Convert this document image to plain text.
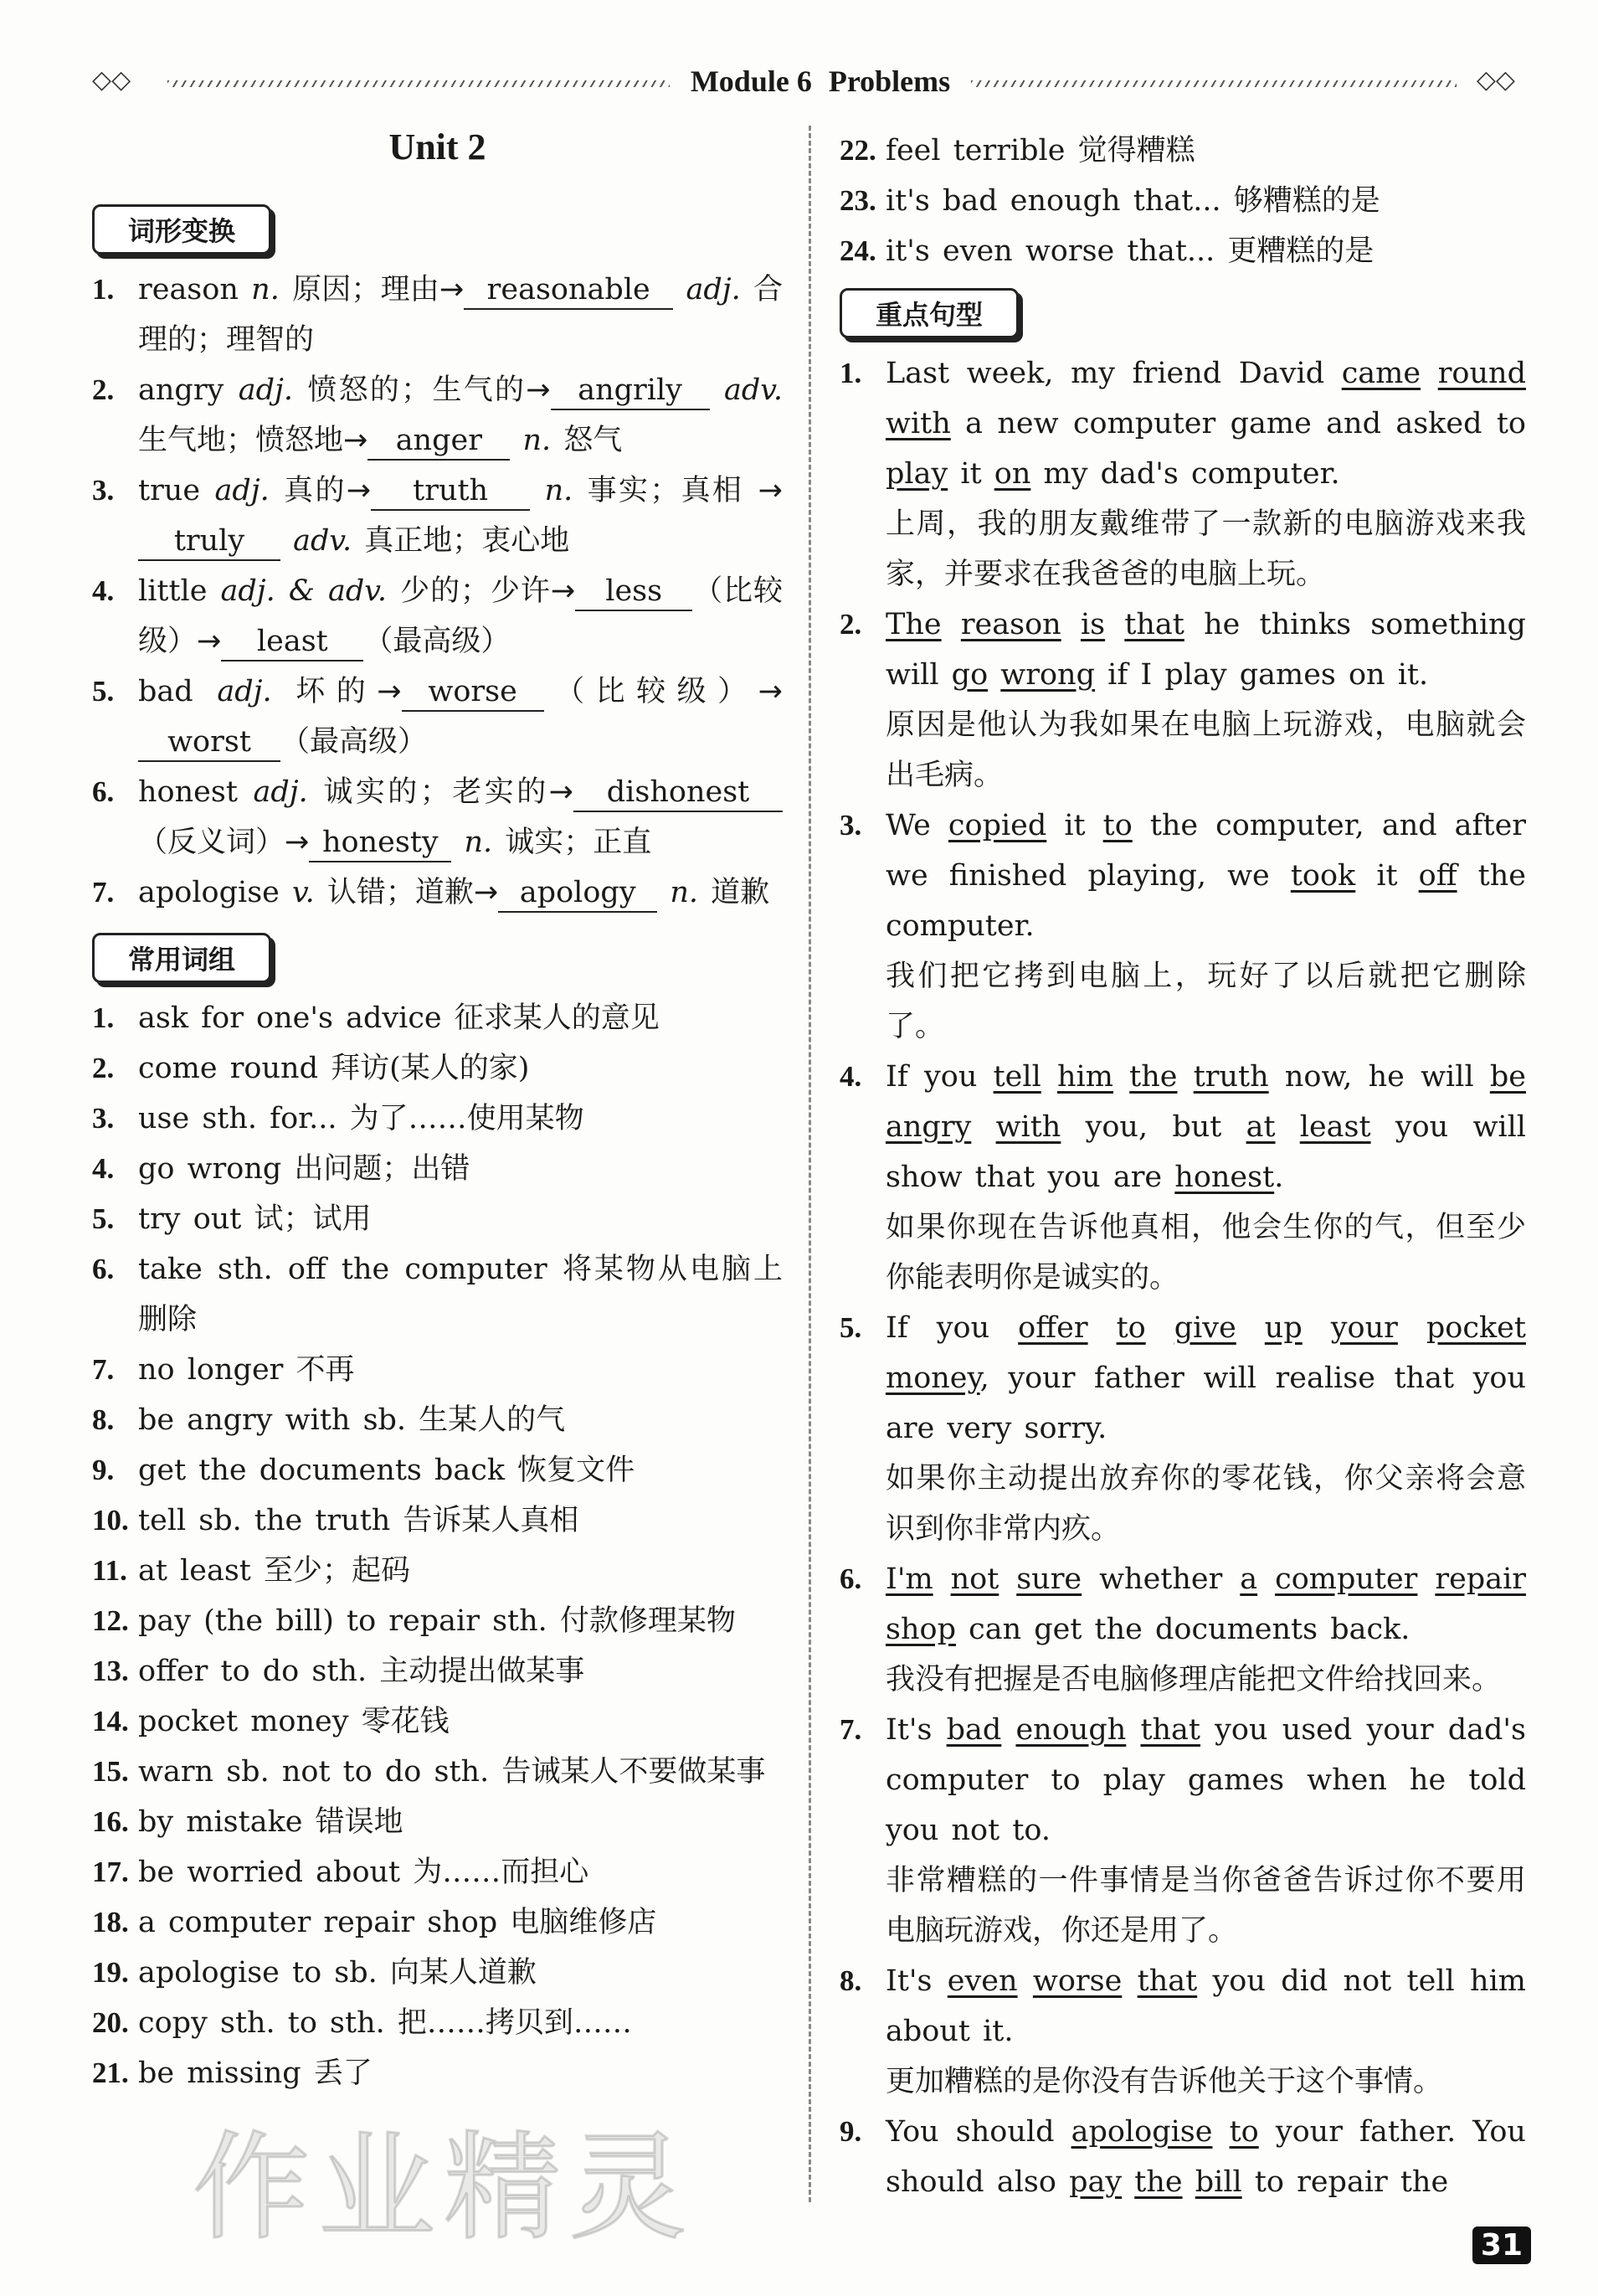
◇◇	Module 6 Problems	◇◇
Unit 2
词形变换
1. reason n. 原因；理由→ reasonable adj. 合理的；理智的
2. angry adj. 愤怒的；生气的→ angrily adv. 生气地；愤怒地→ anger n. 怒气
3. true adj. 真的→ truth n. 事实；真相 →truly adv. 真正地；衷心地
4. little adj. & adv. 少的；少许→ less （比较级）→ least （最高级）
5. bad adj. 坏的→ worse （比较级）→worst （最高级）
6. honest adj. 诚实的；老实的→ dishonest（反义词）→ honesty n. 诚实；正直
7. apologise v. 认错；道歉→ apology n. 道歉
常用词组
1. ask for one's advice 征求某人的意见
2. come round 拜访(某人的家)
3. use sth. for... 为了……使用某物
4. go wrong 出问题；出错
5. try out 试；试用
6. take sth. off the computer 将某物从电脑上删除
7. no longer 不再
8. be angry with sb. 生某人的气
9. get the documents back 恢复文件
10. tell sb. the truth 告诉某人真相
11. at least 至少；起码
12. pay (the bill) to repair sth. 付款修理某物
13. offer to do sth. 主动提出做某事
14. pocket money 零花钱
15. warn sb. not to do sth. 告诫某人不要做某事
16. by mistake 错误地
17. be worried about 为……而担心
18. a computer repair shop 电脑维修店
19. apologise to sb. 向某人道歉
20. copy sth. to sth. 把……拷贝到……
21. be missing 丢了
22. feel terrible 觉得糟糕
23. it's bad enough that... 够糟糕的是
24. it's even worse that... 更糟糕的是
重点句型
1. Last week, my friend David came round with a new computer game and asked to play it on my dad's computer.
上周，我的朋友戴维带了一款新的电脑游戏来我家，并要求在我爸爸的电脑上玩。
2. The reason is that he thinks something will go wrong if I play games on it.
原因是他认为我如果在电脑上玩游戏，电脑就会出毛病。
3. We copied it to the computer, and after we finished playing, we took it off the computer.
我们把它拷到电脑上，玩好了以后就把它删除了。
4. If you tell him the truth now, he will be angry with you, but at least you will show that you are honest.
如果你现在告诉他真相，他会生你的气，但至少你能表明你是诚实的。
5. If you offer to give up your pocket money, your father will realise that you are very sorry.
如果你主动提出放弃你的零花钱，你父亲将会意识到你非常内疚。
6. I'm not sure whether a computer repair shop can get the documents back.
我没有把握是否电脑修理店能把文件给找回来。
7. It's bad enough that you used your dad's computer to play games when he told you not to.
非常糟糕的一件事情是当你爸爸告诉过你不要用电脑玩游戏，你还是用了。
8. It's even worse that you did not tell him about it.
更加糟糕的是你没有告诉他关于这个事情。
9. You should apologise to your father. You should also pay the bill to repair the
作业精灵	31
